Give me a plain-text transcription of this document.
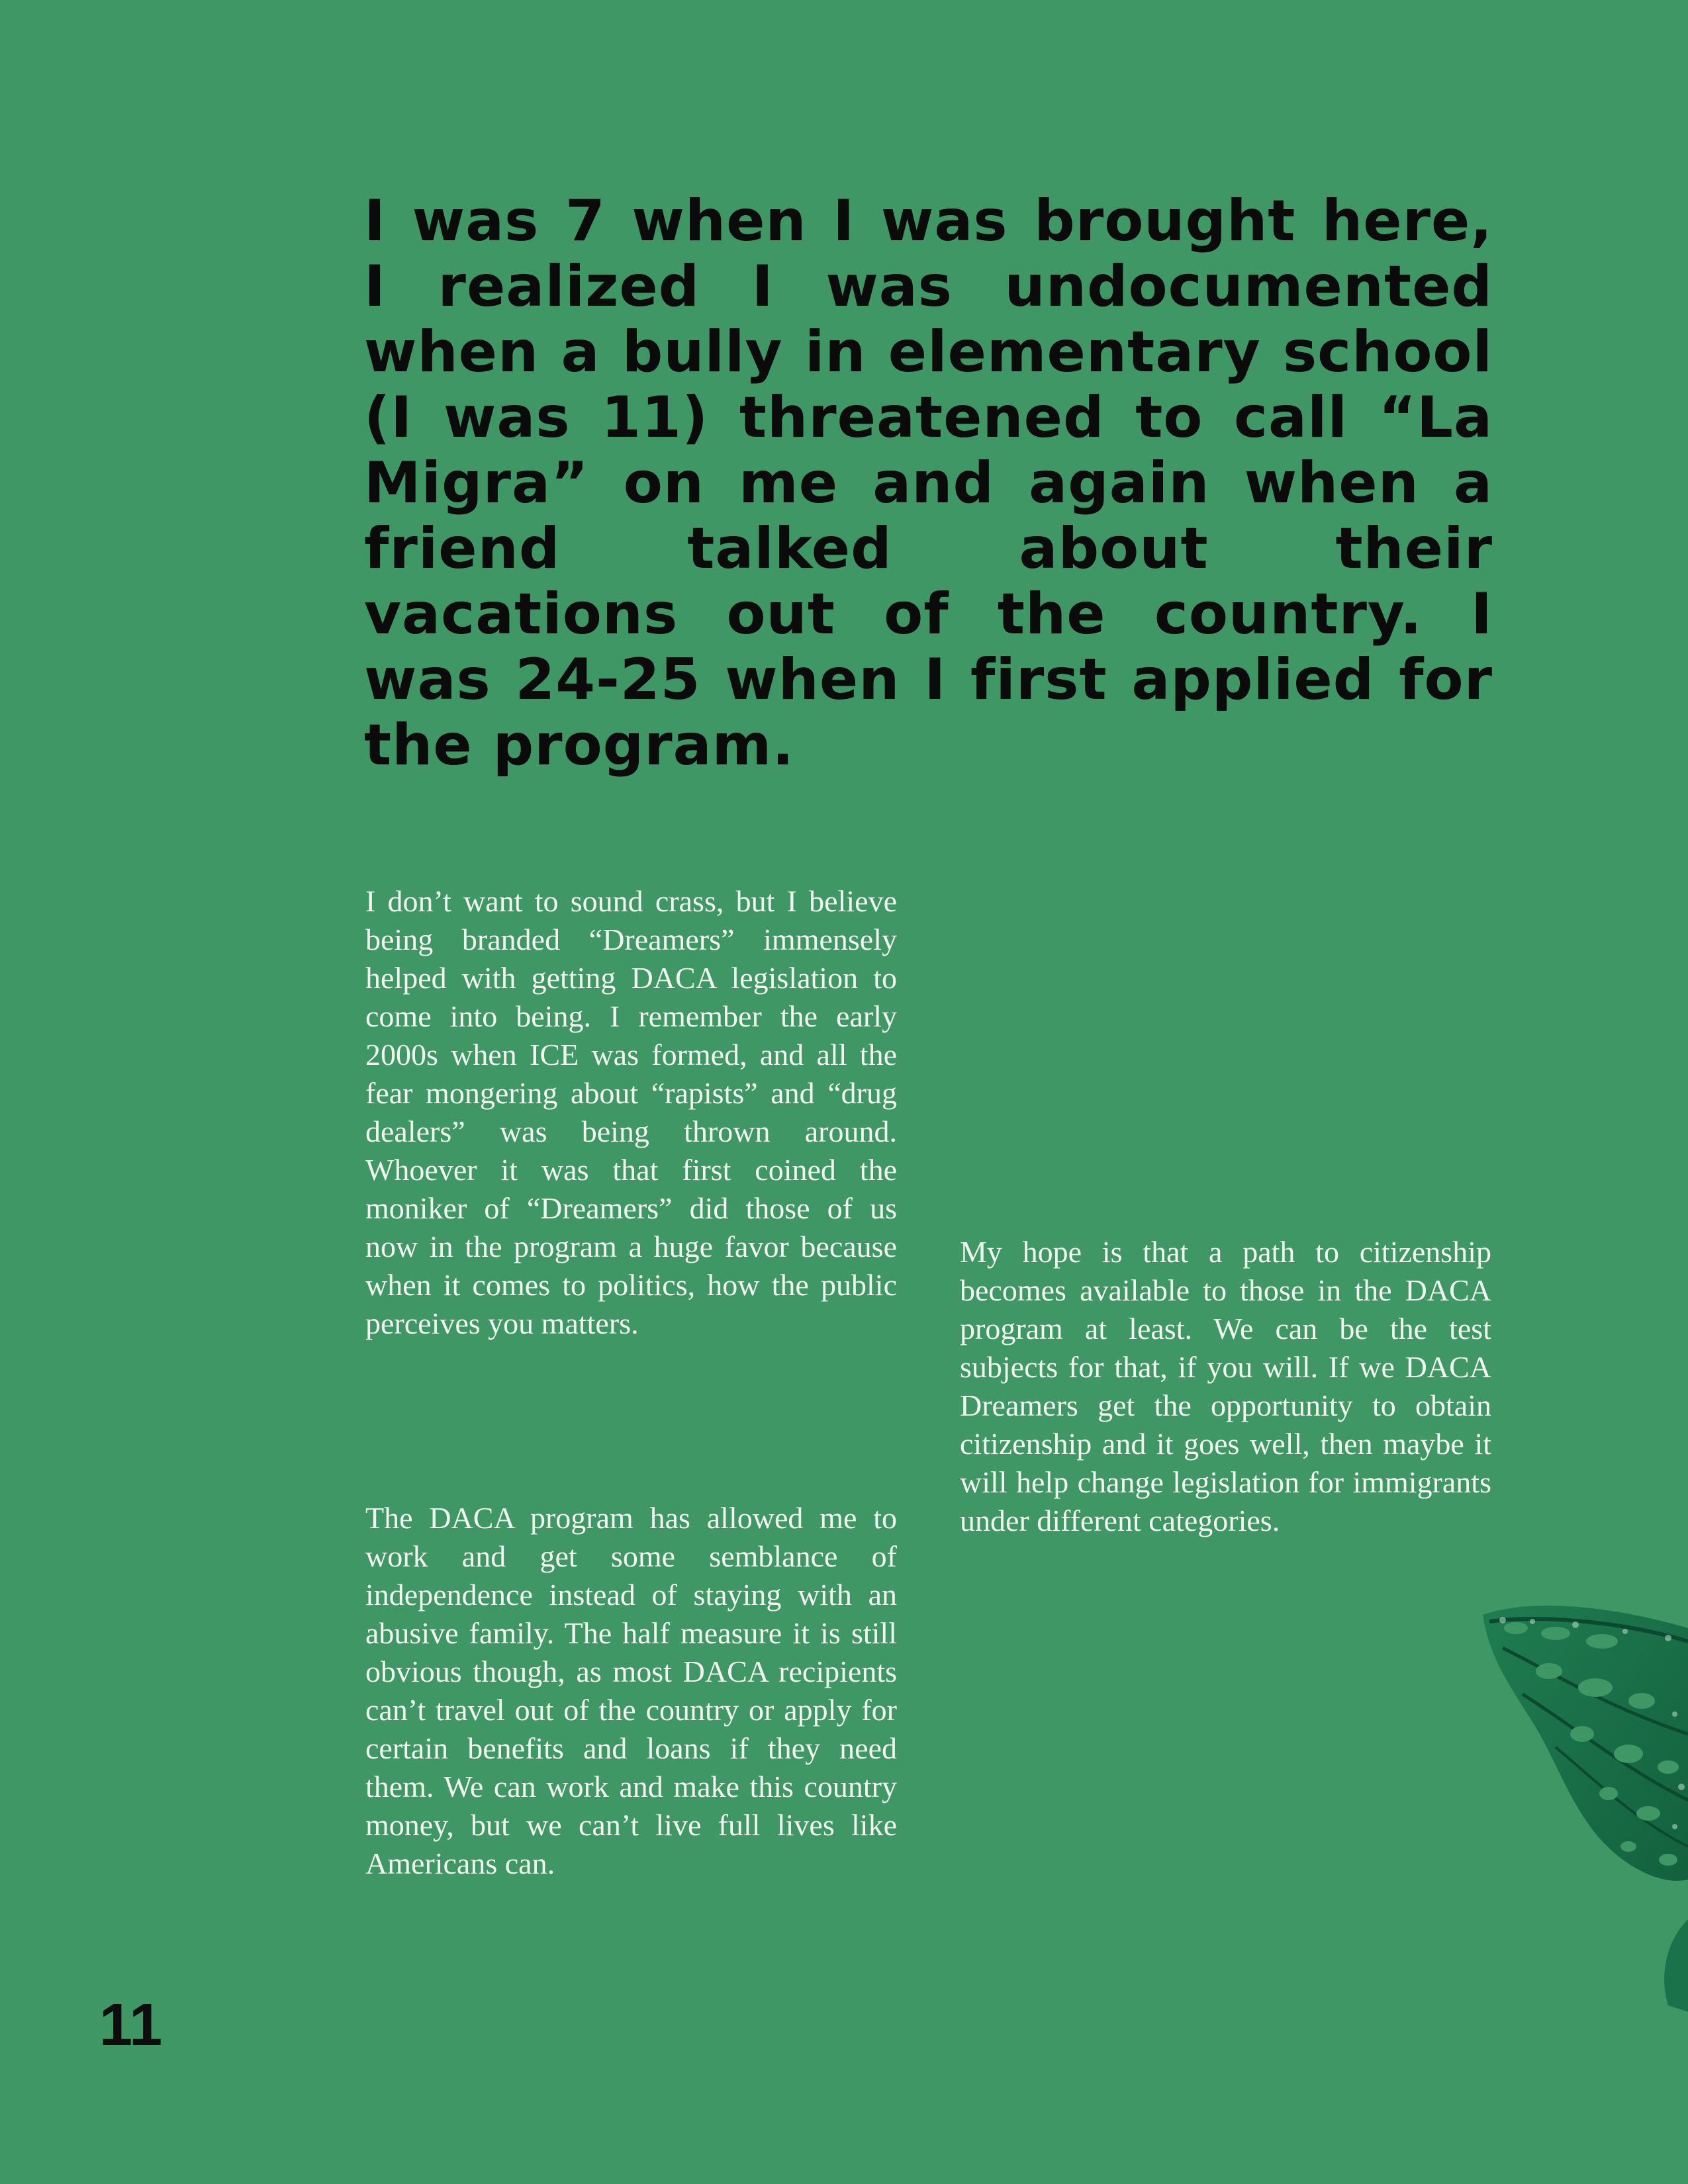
I was 7 when I was brought here, I realized I was undocumented when a bully in elementary school (I was 11) threatened to call “La Migra” on me and again when a friend talked about their vacations out of the country. I was 24-25 when I first applied for the program.

I don’t want to sound crass, but I believe being branded “Dreamers” immensely helped with getting DACA legislation to come into being. I remember the early 2000s when ICE was formed, and all the fear mongering about “rapists” and “drug dealers” was being thrown around. Whoever it was that first coined the moniker of “Dreamers” did those of us now in the program a huge favor because when it comes to politics, how the public perceives you matters.

My hope is that a path to citizenship becomes available to those in the DACA program at least. We can be the test subjects for that, if you will. If we DACA Dreamers get the opportunity to obtain citizenship and it goes well, then maybe it will help change legislation for immigrants under different categories.

The DACA program has allowed me to work and get some semblance of independence instead of staying with an abusive family. The half measure it is still obvious though, as most DACA recipients can’t travel out of the country or apply for certain benefits and loans if they need them. We can work and make this country money, but we can’t live full lives like Americans can.

11
